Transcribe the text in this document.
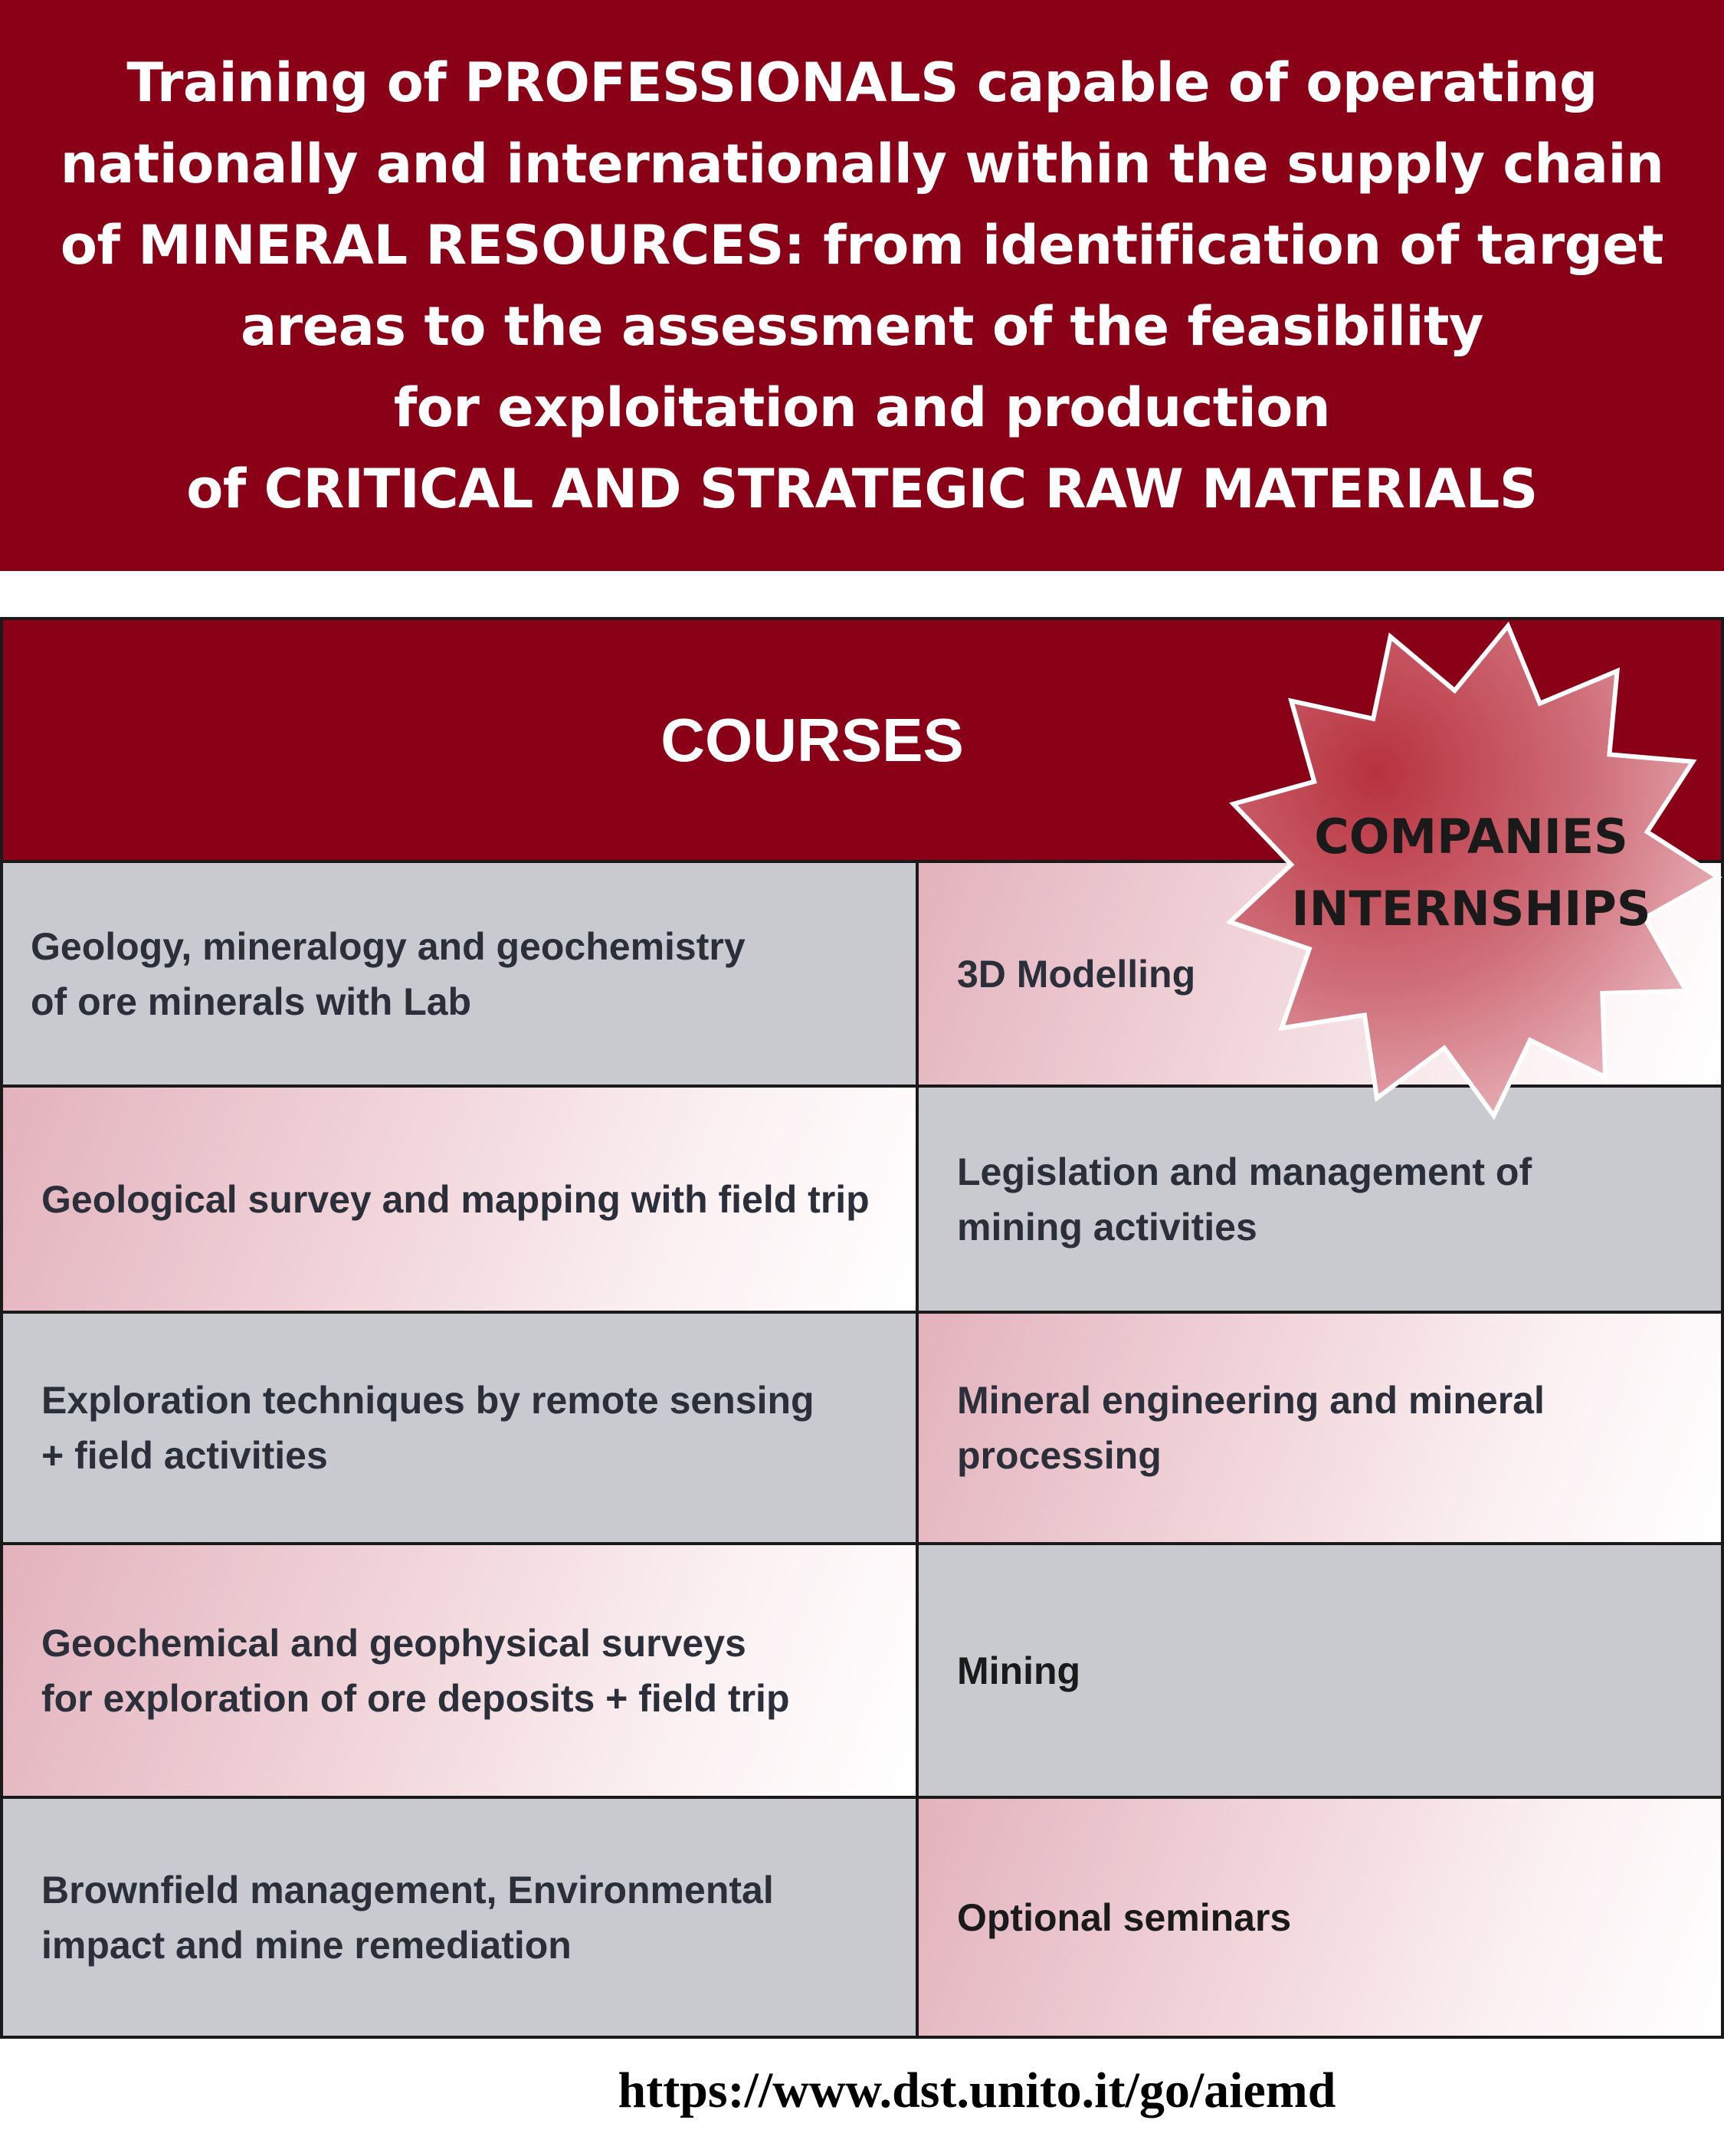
Training of PROFESSIONALS capable of operating
nationally and internationally within the supply chain
of MINERAL RESOURCES: from identification of target
areas to the assessment of the feasibility
for exploitation and production
of CRITICAL AND STRATEGIC RAW MATERIALS
COURSES
Geology, mineralogy and geochemistry
of ore minerals with Lab
3D Modelling
Geological survey and mapping with field trip
Legislation and management of
mining activities
Exploration techniques by remote sensing
+ field activities
Mineral engineering and mineral
processing
Geochemical and geophysical surveys
for exploration of ore deposits + field trip
Mining
Brownfield management, Environmental
impact and mine remediation
Optional seminars
COMPANIES
INTERNSHIPS
https://www.dst.unito.it/go/aiemd
